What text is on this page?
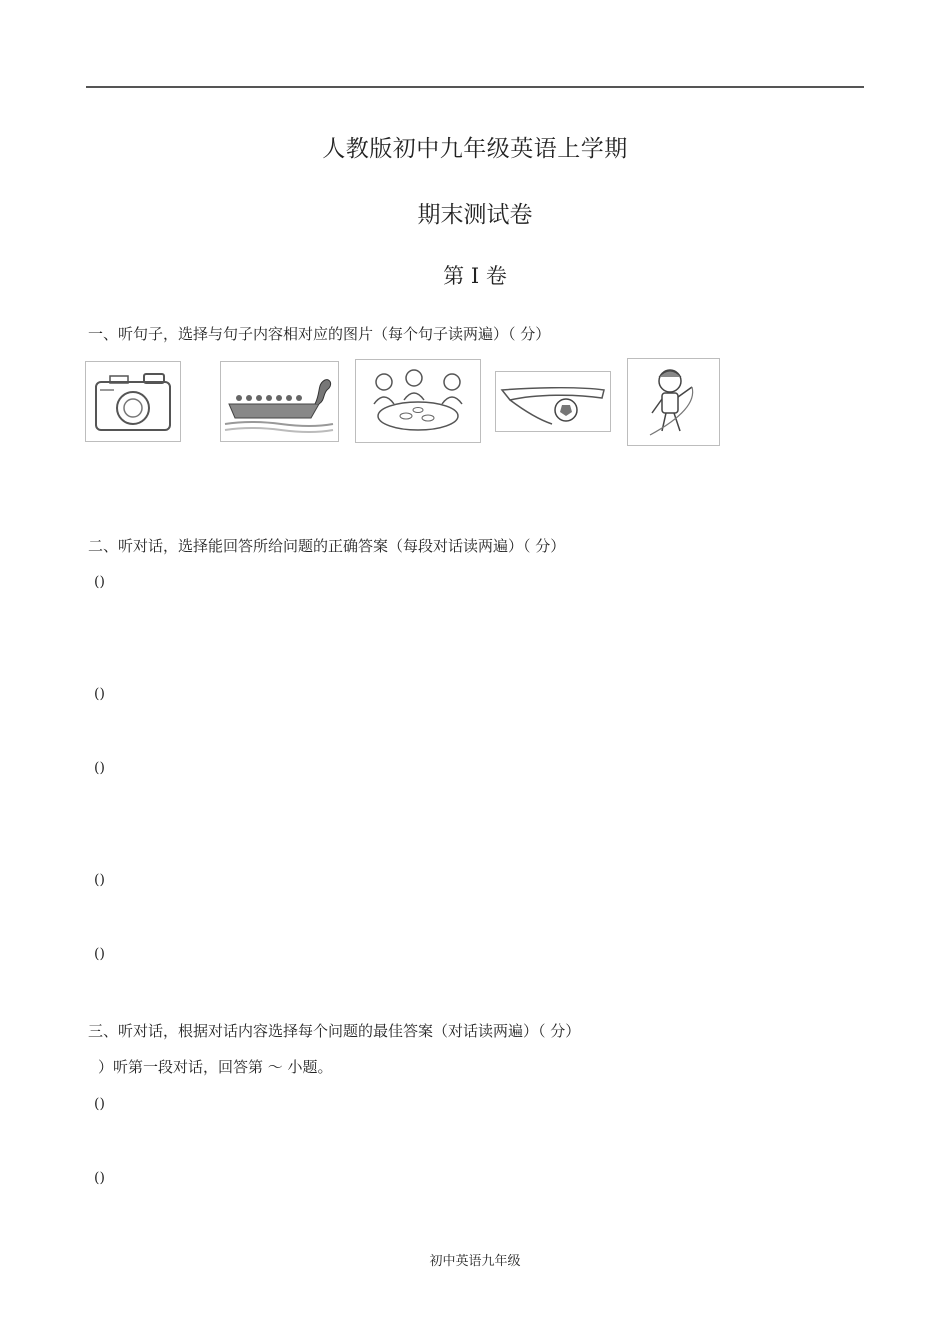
人教版初中九年级英语上学期
期末测试卷
第 I 卷
一、听句子，选择与句子内容相对应的图片（每个句子读两遍）（ 分）
二、听对话，选择能回答所给问题的正确答案（每段对话读两遍）（ 分）
()
()
()
()
()
三、听对话，根据对话内容选择每个问题的最佳答案（对话读两遍）（ 分）
）听第一段对话，回答第 ～ 小题。
()
()
初中英语九年级
